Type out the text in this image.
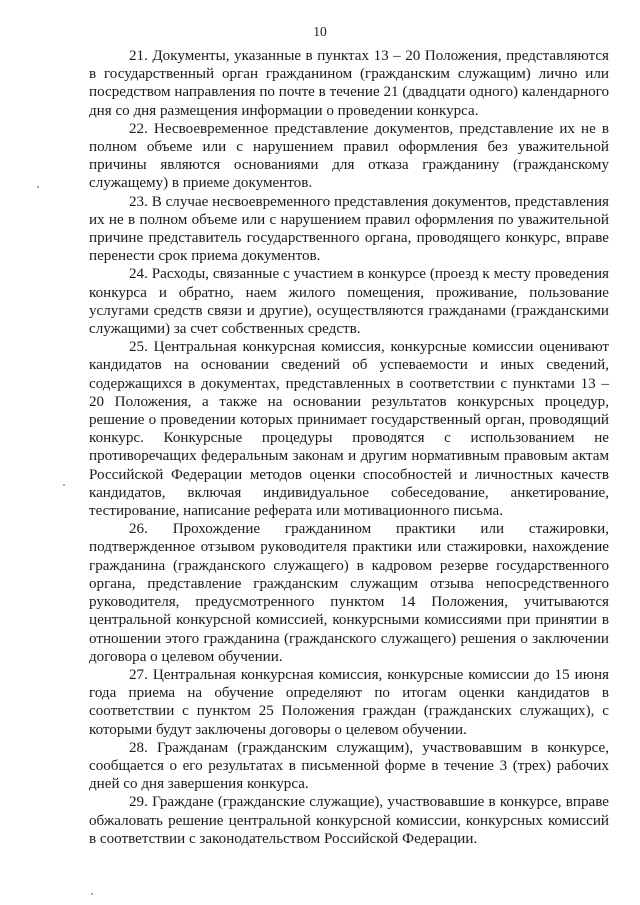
10

21. Документы, указанные в пунктах 13 – 20 Положения, представляются в государственный орган гражданином (гражданским служащим) лично или посредством направления по почте в течение 21 (двадцати одного) календарного дня со дня размещения информации о проведении конкурса.

22. Несвоевременное представление документов, представление их не в полном объеме или с нарушением правил оформления без уважительной причины являются основаниями для отказа гражданину (гражданскому служащему) в приеме документов.

23. В случае несвоевременного представления документов, представления их не в полном объеме или с нарушением правил оформления по уважительной причине представитель государственного органа, проводящего конкурс, вправе перенести срок приема документов.

24. Расходы, связанные с участием в конкурсе (проезд к месту проведения конкурса и обратно, наем жилого помещения, проживание, пользование услугами средств связи и другие), осуществляются гражданами (гражданскими служащими) за счет собственных средств.

25. Центральная конкурсная комиссия, конкурсные комиссии оценивают кандидатов на основании сведений об успеваемости и иных сведений, содержащихся в документах, представленных в соответствии с пунктами 13 – 20 Положения, а также на основании результатов конкурсных процедур, решение о проведении которых принимает государственный орган, проводящий конкурс. Конкурсные процедуры проводятся с использованием не противоречащих федеральным законам и другим нормативным правовым актам Российской Федерации методов оценки способностей и личностных качеств кандидатов, включая индивидуальное собеседование, анкетирование, тестирование, написание реферата или мотивационного письма.

26. Прохождение гражданином практики или стажировки, подтвержденное отзывом руководителя практики или стажировки, нахождение гражданина (гражданского служащего) в кадровом резерве государственного органа, представление гражданским служащим отзыва непосредственного руководителя, предусмотренного пунктом 14 Положения, учитываются центральной конкурсной комиссией, конкурсными комиссиями при принятии в отношении этого гражданина (гражданского служащего) решения о заключении договора о целевом обучении.

27. Центральная конкурсная комиссия, конкурсные комиссии до 15 июня года приема на обучение определяют по итогам оценки кандидатов в соответствии с пунктом 25 Положения граждан (гражданских служащих), с которыми будут заключены договоры о целевом обучении.

28. Гражданам (гражданским служащим), участвовавшим в конкурсе, сообщается о его результатах в письменной форме в течение 3 (трех) рабочих дней со дня завершения конкурса.

29. Граждане (гражданские служащие), участвовавшие в конкурсе, вправе обжаловать решение центральной конкурсной комиссии, конкурсных комиссий в соответствии с законодательством Российской Федерации.
